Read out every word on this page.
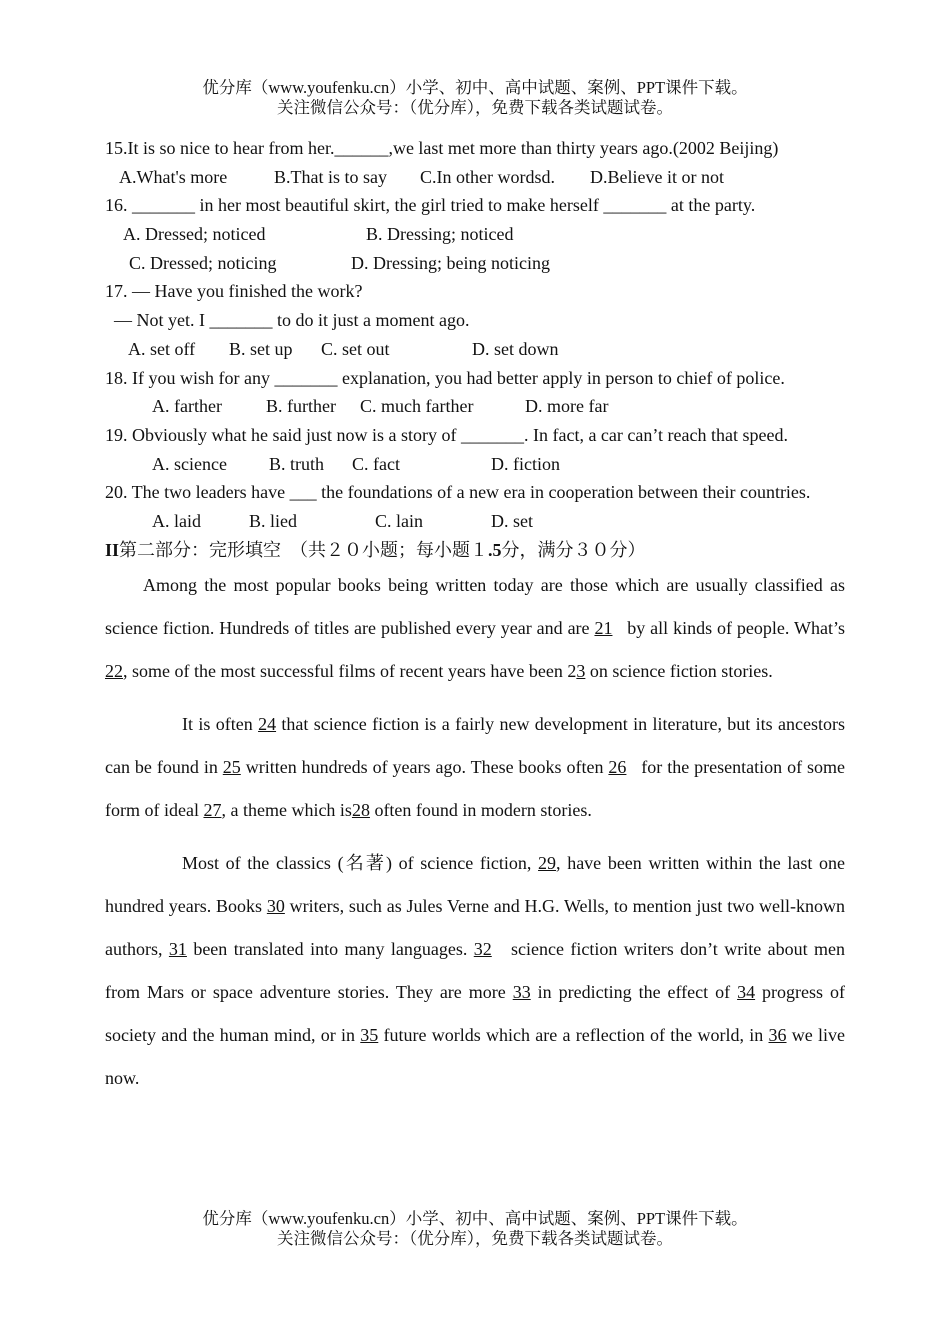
优分库（www.youfenku.cn）小学、初中、高中试题、案例、PPT课件下载。
关注微信公众号：（优分库），免费下载各类试题试卷。

15.It is so nice to hear from her.______,we last met more than thirty years ago.(2002 Beijing)

A.What's more	B.That is to say C.In other wordsd. D.Believe it or not

16. _______ in her most beautiful skirt, the girl tried to make herself _______ at the party.

A. Dressed; noticed	B. Dressing; noticed
C. Dressed; noticing	D. Dressing; being noticing

17. — Have you finished the work?

— Not yet. I _______ to do it just a moment ago.

A. set off B. set up C. set out	D. set down

18. If you wish for any _______ explanation, you had better apply in person to chief of police.

A. farther B. further C. much farther	D. more far

19. Obviously what he said just now is a story of _______. In fact, a car can’t reach that speed.

A. science B. truth C. fact	D. fiction

20. The two leaders have ___ the foundations of a new era in cooperation between their countries.

A. laid	B. lied	C. lain	D. set

II第二部分：完形填空　（共２０小题；每小题１.5分，满分３０分）

Among the most popular books being written today are those which are usually classified as science fiction. Hundreds of titles are published every year and are 21   by all kinds of people. What’s 22, some of the most successful films of recent years have been 23 on science fiction stories.

It is often 24 that science fiction is a fairly new development in literature, but its ancestors can be found in 25 written hundreds of years ago. These books often 26   for the presentation of some form of ideal 27, a theme which is28 often found in modern stories.

Most of the classics (名著) of science fiction, 29, have been written within the last one hundred years. Books 30 writers, such as Jules Verne and H.G. Wells, to mention just two well-known authors, 31 been translated into many languages. 32   science fiction writers don’t write about men from Mars or space adventure stories. They are more 33 in predicting the effect of 34 progress of society and the human mind, or in 35 future worlds which are a reflection of the world, in 36 we live now.

优分库（www.youfenku.cn）小学、初中、高中试题、案例、PPT课件下载。
关注微信公众号：（优分库），免费下载各类试题试卷。
